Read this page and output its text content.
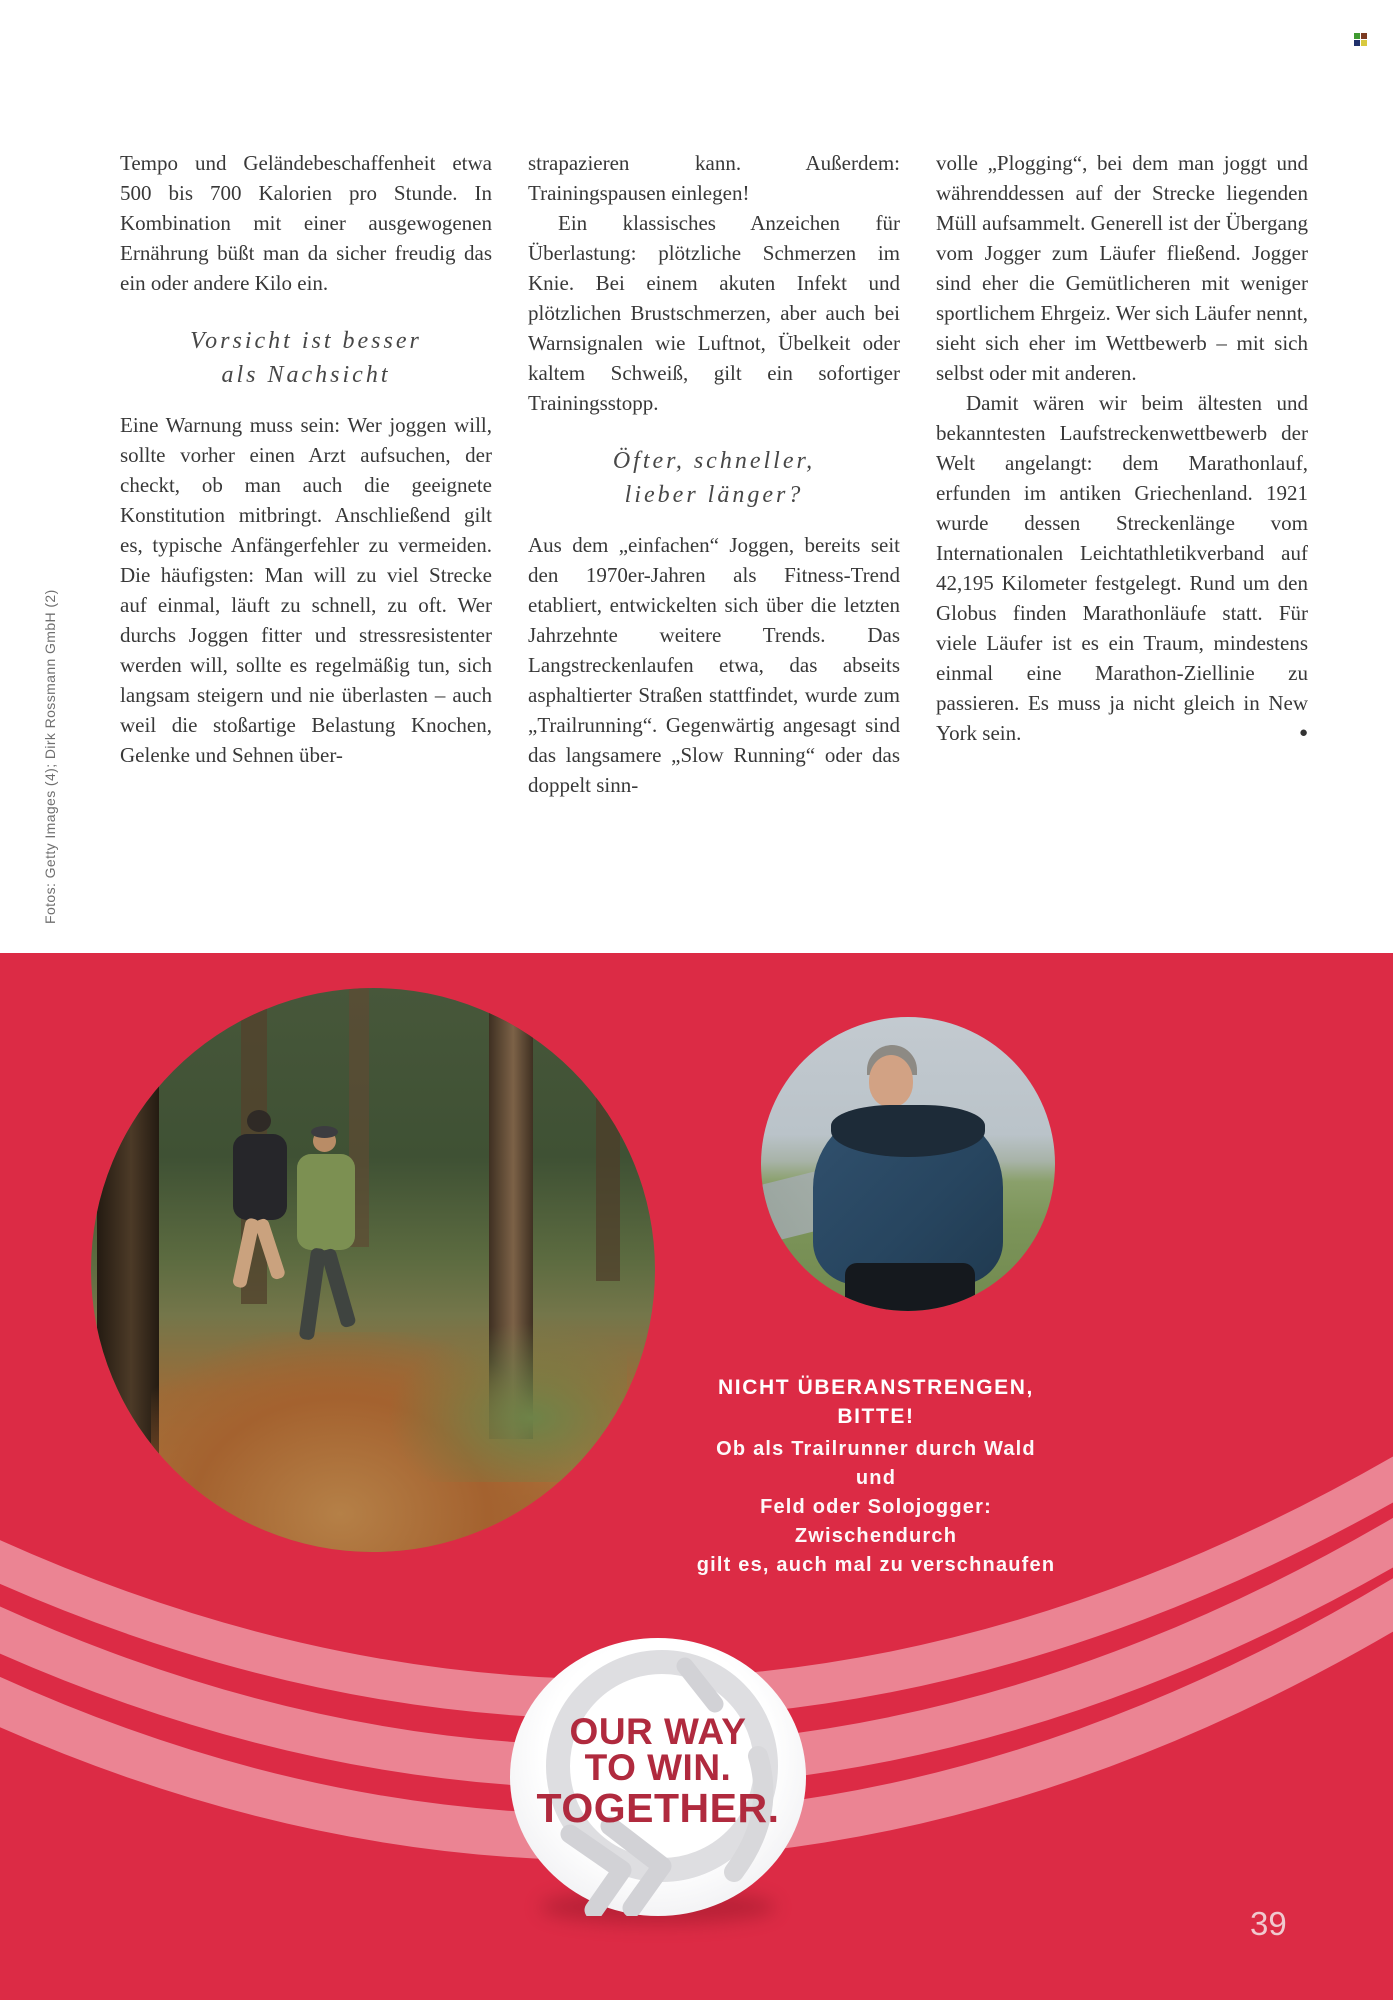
Fotos: Getty Images (4); Dirk Rossmann GmbH (2)

Tempo und Geländebeschaffenheit etwa 500 bis 700 Kalorien pro Stunde. In Kombination mit einer ausgewogenen Ernährung büßt man da sicher freudig das ein oder andere Kilo ein.

Vorsicht ist besser
als Nachsicht

Eine Warnung muss sein: Wer joggen will, sollte vorher einen Arzt aufsuchen, der checkt, ob man auch die geeignete Konstitution mitbringt. Anschließend gilt es, typische Anfängerfehler zu vermeiden. Die häufigsten: Man will zu viel Strecke auf einmal, läuft zu schnell, zu oft. Wer durchs Joggen fitter und stressresistenter werden will, sollte es regelmäßig tun, sich langsam steigern und nie überlasten – auch weil die stoßartige Belastung Knochen, Gelenke und Sehnen über-

strapazieren kann. Außerdem: Trainingspausen einlegen!

Ein klassisches Anzeichen für Überlastung: plötzliche Schmerzen im Knie. Bei einem akuten Infekt und plötzlichen Brustschmerzen, aber auch bei Warnsignalen wie Luftnot, Übelkeit oder kaltem Schweiß, gilt ein sofortiger Trainingsstopp.

Öfter, schneller,
lieber länger?

Aus dem „einfachen“ Joggen, bereits seit den 1970er-Jahren als Fitness-Trend etabliert, entwickelten sich über die letzten Jahrzehnte weitere Trends. Das Langstreckenlaufen etwa, das abseits asphaltierter Straßen stattfindet, wurde zum „Trailrunning“. Gegenwärtig angesagt sind das langsamere „Slow Running“ oder das doppelt sinn-

volle „Plogging“, bei dem man joggt und währenddessen auf der Strecke liegenden Müll aufsammelt. Generell ist der Übergang vom Jogger zum Läufer fließend. Jogger sind eher die Gemütlicheren mit weniger sportlichem Ehrgeiz. Wer sich Läufer nennt, sieht sich eher im Wettbewerb – mit sich selbst oder mit anderen.

Damit wären wir beim ältesten und bekanntesten Laufstreckenwettbewerb der Welt angelangt: dem Marathonlauf, erfunden im antiken Griechenland. 1921 wurde dessen Streckenlänge vom Internationalen Leichtathletikverband auf 42,195 Kilometer festgelegt. Rund um den Globus finden Marathonläufe statt. Für viele Läufer ist es ein Traum, mindestens einmal eine Marathon-Ziellinie zu passieren. Es muss ja nicht gleich in New York sein.	●

NICHT ÜBERANSTRENGEN, BITTE!
Ob als Trailrunner durch Wald und
Feld oder Solojogger: Zwischendurch
gilt es, auch mal zu verschnaufen
OUR WAY
TO WIN.
TOGETHER.
39
